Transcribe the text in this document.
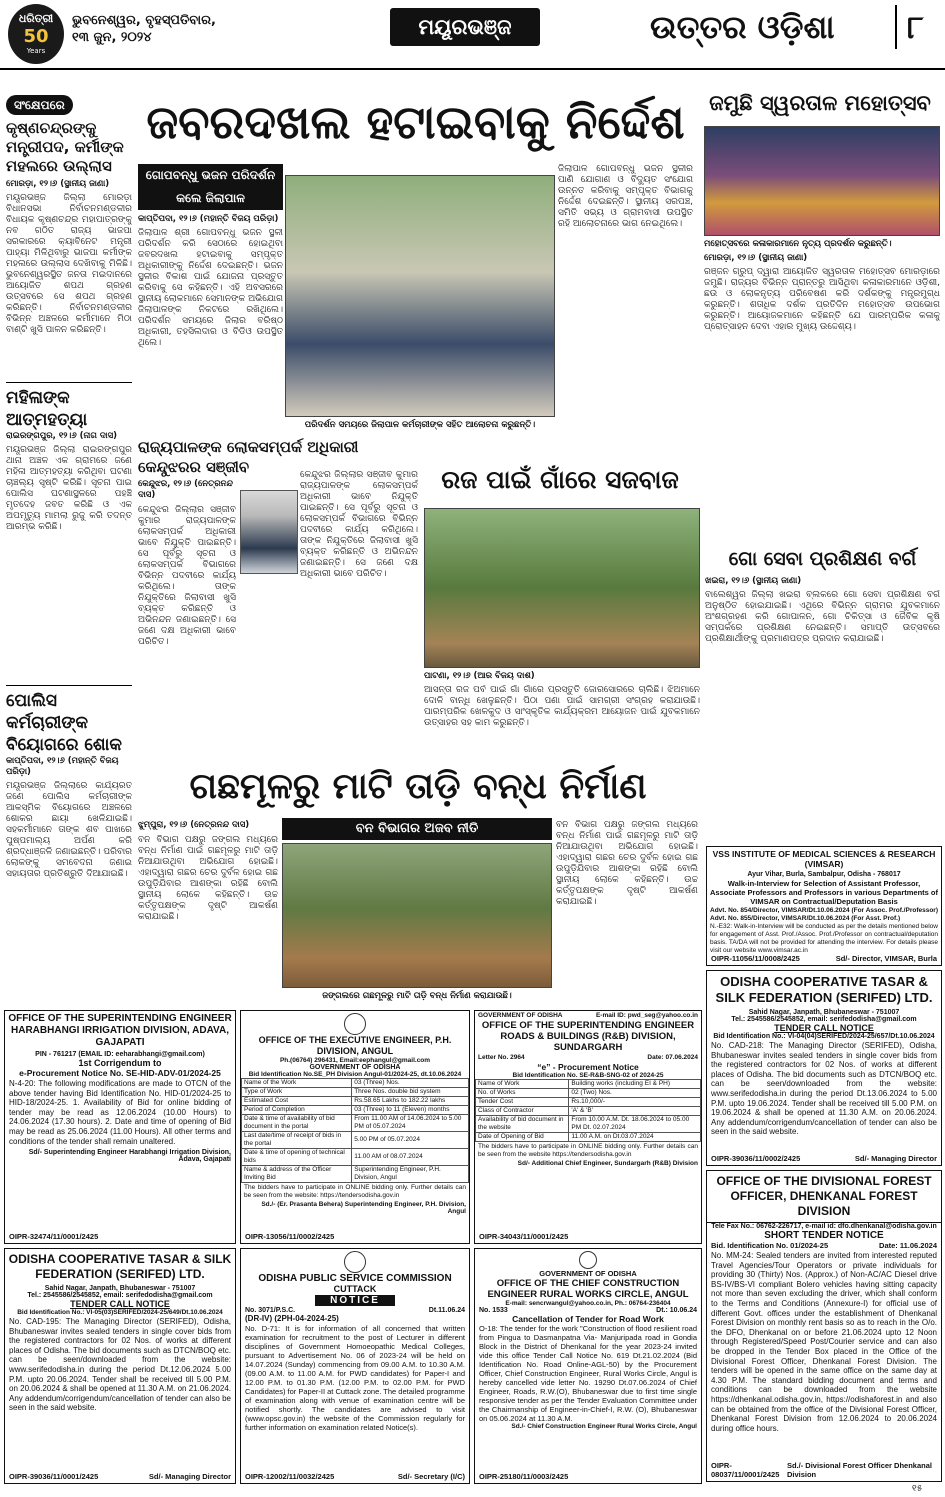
ଧରିତ୍ରୀ
50
Years
ଭୁବନେଶ୍ୱର, ବୃହସ୍ପତିବାର,
୧୩ ଜୁନ, ୨୦୨୪	ମୟୂରଭଞ୍ଜ	ଉତ୍ତର ଓଡ଼ିଶା	୮
ସଂକ୍ଷେପରେ
କୃଷ୍ଣଚନ୍ଦ୍ରଙ୍କୁ ମନ୍ତ୍ରୀପଦ, କର୍ମୀଙ୍କ ମହଲରେ ଉଲ୍ଲାସ
ମୋରଡ଼ା, ୧୨।୬ (ସ୍ଥାନୀୟ ଜାଣା)
ମୟୂରଭଞ୍ଜ ଜିଲ୍ଲା ମୋରଡ଼ା ବିଧାନସଭା ନିର୍ବାଚନମଣ୍ଡଳୀର ବିଧାୟକ କୃଷ୍ଣଚନ୍ଦ୍ର ମହାପାତ୍ରଙ୍କୁ ନବ ଗଠିତ ରାଜ୍ୟ ଭାଜପା ସରକାରରେ କ୍ୟାବିନେଟ ମନ୍ତ୍ରୀ ପାହ୍ୟା ମିଳିଥିବାରୁ ଭାଜପା କର୍ମୀଙ୍କ ମହଲରେ ଉଲ୍ଲାସ ଦେଖିବାକୁ ମିଳିଛି। ଭୁବନେଶ୍ୱରସ୍ଥିତ ଜନତା ମଇଦାନରେ ଆୟୋଜିତ ଶପଥ ଗ୍ରହଣ ଉତ୍ସବରେ ସେ ଶପଥ ଗ୍ରହଣ କରିଛନ୍ତି। ନିର୍ବାଚନମଣ୍ଡଳୀର ବିଭିନ୍ନ ଅଞ୍ଚଳରେ କର୍ମୀମାନେ ମିଠା ବାଣ୍ଟି ଖୁସି ପାଳନ କରିଛନ୍ତି।
ମହିଳାଙ୍କ ଆତ୍ମହତ୍ୟା
ରାଇରଙ୍ଗପୁର, ୧୨।୬ (ନାଗ ଦାସ)
ମୟୂରଭଞ୍ଜ ଜିଲ୍ଲା ରାଇରଙ୍ଗପୁର ଥାନା ଅଞ୍ଚଳ ଏକ ଗ୍ରାମରେ ଜଣେ ମହିଳା ଆତ୍ମହତ୍ୟା କରିଥିବା ଘଟଣା ଚାଞ୍ଚଲ୍ୟ ସୃଷ୍ଟି କରିଛି। ସୂଚନା ପାଇ ପୋଲିସ ଘଟଣାସ୍ଥଳରେ ପହଞ୍ଚି ମୃତଦେହ ଜବତ କରିଛି ଓ ଏକ ଅପମୃତ୍ୟୁ ମାମଲା ରୁଜୁ କରି ତଦନ୍ତ ଆରମ୍ଭ କରିଛି।
ପୋଲିସ କର୍ମଚାରୀଙ୍କ ବିୟୋଗରେ ଶୋକ
କାପ୍ତିପଦା, ୧୨।୬ (ମହାନ୍ତି ବିଜୟ ପରିଡ଼ା)
ମୟୂରଭଞ୍ଜ ଜିଲ୍ଲାରେ କାର୍ଯ୍ୟରତ ଜଣେ ପୋଲିସ କର୍ମଚାରୀଙ୍କ ଆକସ୍ମିକ ବିୟୋଗରେ ଅଞ୍ଚଳରେ ଶୋକର ଛାୟା ଖେଳିଯାଇଛି। ସହକର୍ମୀମାନେ ତାଙ୍କ ଶବ ପାଖରେ ପୁଷ୍ପମାଲ୍ୟ ଅର୍ପଣ କରି ଶ୍ରଦ୍ଧାଞ୍ଜଳି ଜଣାଇଛନ୍ତି। ପରିବାର ଲୋକଙ୍କୁ ସମବେଦନା ଜଣାଇ ସହାୟତାର ପ୍ରତିଶ୍ରୁତି ଦିଆଯାଇଛି।
ଜବରଦଖଲ ହଟାଇବାକୁ ନିର୍ଦ୍ଦେଶ
ଗୋପବନ୍ଧୁ ଭଜନ ପରିଦର୍ଶନ କଲେ ଜିଲାପାଳ
କାପ୍ତିପଦା, ୧୨।୬ (ମହାନ୍ତି ବିଜୟ ପରିଡ଼ା)
ଜିଲାପାଳ ଶ୍ରୀ ଗୋପବନ୍ଧୁ ଭଜନ ସ୍ଥଳୀ ପରିଦର୍ଶନ କରି ସେଠାରେ ହୋଇଥିବା ଜବରଦଖଲ ହଟାଇବାକୁ ସମ୍ପୃକ୍ତ ଅଧିକାରୀଙ୍କୁ ନିର୍ଦ୍ଦେଶ ଦେଇଛନ୍ତି। ଭଜନ ସ୍ଥଳୀର ବିକାଶ ପାଇଁ ଯୋଜନା ପ୍ରସ୍ତୁତ କରିବାକୁ ସେ କହିଛନ୍ତି। ଏହି ଅବସରରେ ସ୍ଥାନୀୟ ଲୋକମାନେ ସେମାନଙ୍କ ଅଭିଯୋଗ ଜିଲାପାଳଙ୍କ ନିକଟରେ ରଖିଥିଲେ। ପରିଦର୍ଶନ ସମୟରେ ଜିଲାର ବରିଷ୍ଠ ଅଧିକାରୀ, ତହସିଲଦାର ଓ ବିଡିଓ ଉପସ୍ଥିତ ଥିଲେ।
ପରିଦର୍ଶନ ସମୟରେ ଜିଲାପାଳ କର୍ମଚାରୀଙ୍କ ସହିତ ଆଲୋଚନା କରୁଛନ୍ତି।
ଜିଲାପାଳ ଗୋପବନ୍ଧୁ ଭଜନ ସ୍ଥଳୀର ପାଣି ଯୋଗାଣ ଓ ବିଦ୍ୟୁତ ସଂଯୋଗ ଉନ୍ନତ କରିବାକୁ ସମ୍ପୃକ୍ତ ବିଭାଗକୁ ନିର୍ଦ୍ଦେଶ ଦେଇଛନ୍ତି। ସ୍ଥାନୀୟ ସରପଞ୍ଚ, ସମିତି ସଭ୍ୟ ଓ ଗ୍ରାମବାସୀ ଉପସ୍ଥିତ ରହି ଆଲୋଚନାରେ ଭାଗ ନେଇଥିଲେ।
ଜମୁଛି ସ୍ୱରତାଳ ମହୋତ୍ସବ
ମହୋତ୍ସବରେ କଳାକାରମାନେ ନୃତ୍ୟ ପ୍ରଦର୍ଶନ କରୁଛନ୍ତି।
ମୋରଡ଼ା, ୧୨।୬ (ସ୍ଥାନୀୟ ଜାଣା)
ରଞ୍ଜନ ଗ୍ରୁପ୍ ଦ୍ୱାରା ଆୟୋଜିତ ସ୍ୱରତାଳ ମହୋତ୍ସବ ମୋରଡ଼ାରେ ଜମୁଛି। ରାଜ୍ୟର ବିଭିନ୍ନ ପ୍ରାନ୍ତରୁ ଆସିଥିବା କଳାକାରମାନେ ଓଡ଼ିଶୀ, ଛଉ ଓ ଲୋକନୃତ୍ୟ ପରିବେଷଣ କରି ଦର୍ଶକଙ୍କୁ ମନ୍ତ୍ରମୁଗ୍ଧ କରୁଛନ୍ତି। ଶତାଧିକ ଦର୍ଶକ ପ୍ରତିଦିନ ମହୋତ୍ସବ ଉପଭୋଗ କରୁଛନ୍ତି। ଆୟୋଜକମାନେ କହିଛନ୍ତି ଯେ ପାରମ୍ପରିକ କଳାକୁ ପ୍ରୋତ୍ସାହନ ଦେବା ଏହାର ମୁଖ୍ୟ ଉଦ୍ଦେଶ୍ୟ।
ରାଜ୍ୟପାଳଙ୍କ ଲୋକସମ୍ପର୍କ ଅଧିକାରୀ କେନ୍ଦୁଝରର ସଞ୍ଜୀବ
କେନ୍ଦୁଝର, ୧୨।୬ (ନେତ୍ରନନ୍ଦ ଦାସ)
କେନ୍ଦୁଝର ଜିଲ୍ଲାର ସଞ୍ଜୀବ କୁମାର ରାଜ୍ୟପାଳଙ୍କ ଲୋକସମ୍ପର୍କ ଅଧିକାରୀ ଭାବେ ନିଯୁକ୍ତି ପାଇଛନ୍ତି। ସେ ପୂର୍ବରୁ ସୂଚନା ଓ ଲୋକସମ୍ପର୍କ ବିଭାଗରେ ବିଭିନ୍ନ ପଦବୀରେ କାର୍ଯ୍ୟ କରିଥିଲେ। ତାଙ୍କ ନିଯୁକ୍ତିରେ ଜିଲାବାସୀ ଖୁସି ବ୍ୟକ୍ତ କରିଛନ୍ତି ଓ ଅଭିନନ୍ଦନ ଜଣାଇଛନ୍ତି। ସେ ଜଣେ ଦକ୍ଷ ଅଧିକାରୀ ଭାବେ ପରିଚିତ।
କେନ୍ଦୁଝର ଜିଲ୍ଲାର ସଞ୍ଜୀବ କୁମାର ରାଜ୍ୟପାଳଙ୍କ ଲୋକସମ୍ପର୍କ ଅଧିକାରୀ ଭାବେ ନିଯୁକ୍ତି ପାଇଛନ୍ତି। ସେ ପୂର୍ବରୁ ସୂଚନା ଓ ଲୋକସମ୍ପର୍କ ବିଭାଗରେ ବିଭିନ୍ନ ପଦବୀରେ କାର୍ଯ୍ୟ କରିଥିଲେ। ତାଙ୍କ ନିଯୁକ୍ତିରେ ଜିଲାବାସୀ ଖୁସି ବ୍ୟକ୍ତ କରିଛନ୍ତି ଓ ଅଭିନନ୍ଦନ ଜଣାଇଛନ୍ତି। ସେ ଜଣେ ଦକ୍ଷ ଅଧିକାରୀ ଭାବେ ପରିଚିତ।
ରଜ ପାଇଁ ଗାଁରେ ସଜବାଜ
ପାଟଣା, ୧୨।୬ (ଆର ବିଜୟ ଦାଶ)
ଆସନ୍ତା ରଜ ପର୍ବ ପାଇଁ ଗାଁ ଗାଁରେ ପ୍ରସ୍ତୁତି ଜୋରସୋରରେ ଚାଲିଛି। ଝିଅମାନେ ଦୋଳି ବାନ୍ଧି ଖେଳୁଛନ୍ତି। ପିଠା ପଣା ପାଇଁ ସାମଗ୍ରୀ ସଂଗ୍ରହ କରାଯାଉଛି। ପାରମ୍ପରିକ ଖେଳକୁଦ ଓ ସାଂସ୍କୃତିକ କାର୍ଯ୍ୟକ୍ରମ ଆୟୋଜନ ପାଇଁ ଯୁବକମାନେ ଉତ୍ସାହର ସହ କାମ କରୁଛନ୍ତି।
ଗୋ ସେବା ପ୍ରଶିକ୍ଷଣ ବର୍ଗ
ଖଇରା, ୧୨।୬ (ସ୍ଥାନୀୟ ଜାଣା)
ବାଲେଶ୍ୱର ଜିଲ୍ଲା ଖଇରା ବ୍ଲକରେ ଗୋ ସେବା ପ୍ରଶିକ୍ଷଣ ବର୍ଗ ଅନୁଷ୍ଠିତ ହୋଇଯାଇଛି। ଏଥିରେ ବିଭିନ୍ନ ଗ୍ରାମର ଯୁବକମାନେ ଅଂଶଗ୍ରହଣ କରି ଗୋପାଳନ, ଗୋ ଚିକିତ୍ସା ଓ ଜୈବିକ କୃଷି ସମ୍ପର୍କରେ ପ୍ରଶିକ୍ଷଣ ନେଇଛନ୍ତି। ସମାପ୍ତି ଉତ୍ସବରେ ପ୍ରଶିକ୍ଷାର୍ଥୀଙ୍କୁ ପ୍ରମାଣପତ୍ର ପ୍ରଦାନ କରାଯାଇଛି।
ଗଛମୂଳରୁ ମାଟି ତାଡ଼ି ବନ୍ଧ ନିର୍ମାଣ
ଝୁମ୍ପୁରା, ୧୨।୬ (ନେତ୍ରନନ୍ଦ ଦାସ)
ବନ ବିଭାଗ ପକ୍ଷରୁ ଜଙ୍ଗଲ ମଧ୍ୟରେ ବନ୍ଧ ନିର୍ମାଣ ପାଇଁ ଗଛମୂଳରୁ ମାଟି ତାଡ଼ି ନିଆଯାଉଥିବା ଅଭିଯୋଗ ହୋଇଛି। ଏହାଦ୍ୱାରା ଗଛର ଚେର ଦୁର୍ବଳ ହୋଇ ଗଛ ଉପୁଡ଼ିଯିବାର ଆଶଙ୍କା ରହିଛି ବୋଲି ସ୍ଥାନୀୟ ଲୋକେ କହିଛନ୍ତି। ଉଚ୍ଚ କର୍ତ୍ତୃପକ୍ଷଙ୍କ ଦୃଷ୍ଟି ଆକର୍ଷଣ କରାଯାଇଛି।
ବନ ବିଭାଗର ଅଜବ ନୀତି
ଜଙ୍ଗଲରେ ଗଛମୂଳରୁ ମାଟି ତାଡ଼ି ବନ୍ଧ ନିର୍ମାଣ କରାଯାଉଛି।
ବନ ବିଭାଗ ପକ୍ଷରୁ ଜଙ୍ଗଲ ମଧ୍ୟରେ ବନ୍ଧ ନିର୍ମାଣ ପାଇଁ ଗଛମୂଳରୁ ମାଟି ତାଡ଼ି ନିଆଯାଉଥିବା ଅଭିଯୋଗ ହୋଇଛି। ଏହାଦ୍ୱାରା ଗଛର ଚେର ଦୁର୍ବଳ ହୋଇ ଗଛ ଉପୁଡ଼ିଯିବାର ଆଶଙ୍କା ରହିଛି ବୋଲି ସ୍ଥାନୀୟ ଲୋକେ କହିଛନ୍ତି। ଉଚ୍ଚ କର୍ତ୍ତୃପକ୍ଷଙ୍କ ଦୃଷ୍ଟି ଆକର୍ଷଣ କରାଯାଇଛି।
VSS INSTITUTE OF MEDICAL SCIENCES & RESEARCH (VIMSAR)
Ayur Vihar, Burla, Sambalpur, Odisha - 768017
Walk-in-Interview for Selection of Assistant Professor, Associate Professors and Professors in various Departments of VIMSAR on Contractual/Deputation Basis
Advt. No. 854/Director, VIMSAR/Dt.10.06.2024 (For Assoc. Prof./Professor) Advt. No. 855/Director, VIMSAR/Dt.10.06.2024 (For Asst. Prof.)
N.-E32: Walk-in-Interview will be conducted as per the details mentioned below for engagement of Asst. Prof./Assoc. Prof./Professor on contractual/deputation basis. TA/DA will not be provided for attending the interview. For details please visit our website www.vimsar.ac.in
OIPR-11056/11/0008/2425	Sd/- Director, VIMSAR, Burla
ODISHA COOPERATIVE TASAR & SILK FEDERATION (SERIFED) LTD.
Sahid Nagar, Janpath, Bhubaneswar - 751007
Tel.: 2545586/2545852, email: serifedodisha@gmail.com
TENDER CALL NOTICE
Bid Identification No.: VI-04(04)SERIFED/2024-25/657/Dt.10.06.2024
No. CAD-218: The Managing Director (SERIFED), Odisha, Bhubaneswar invites sealed tenders in single cover bids from the registered contractors for 02 Nos. of works at different places of Odisha. The bid documents such as DTCN/BOQ etc. can be seen/downloaded from the website: www.serifedodisha.in during the period Dt.13.06.2024 to 5.00 P.M. upto 19.06.2024. Tender shall be received till 5.00 P.M. on 19.06.2024 & shall be opened at 11.30 A.M. on 20.06.2024. Any addendum/corrigendum/cancellation of tender can also be seen in the said website.
OIPR-39036/11/0002/2425	Sd/- Managing Director
OFFICE OF THE DIVISIONAL FOREST OFFICER, DHENKANAL FOREST DIVISION
Tele Fax No.: 06762-226717, e-mail id: dfo.dhenkanal@odisha.gov.in
SHORT TENDER NOTICE
Bid. Identification No. 01/2024-25	Date: 11.06.2024
No. MM-24: Sealed tenders are invited from interested reputed Travel Agencies/Tour Operators or private individuals for providing 30 (Thirty) Nos. (Approx.) of Non-AC/AC Diesel drive BS-IV/BS-VI compliant Bolero vehicles having sitting capacity not more than seven excluding the driver, which shall conform to the Terms and Conditions (Annexure-I) for official use of different Govt. offices under the establishment of Dhenkanal Forest Division on monthly rent basis so as to reach in the O/o. the DFO, Dhenkanal on or before 21.06.2024 upto 12 Noon through Registered/Speed Post/Courier service and can also be dropped in the Tender Box placed in the Office of the Divisional Forest Officer, Dhenkanal Forest Division. The tenders will be opened in the same office on the same day at 4.30 P.M. The standard bidding document and terms and conditions can be downloaded from the website https://dhenkanal.odisha.gov.in, https://odishaforest.in and also can be obtained from the office of the Divisional Forest Officer, Dhenkanal Forest Division from 12.06.2024 to 20.06.2024 during office hours.
OIPR-08037/11/0001/2425
Sd./- Divisional Forest Officer Dhenkanal Division
OFFICE OF THE SUPERINTENDING ENGINEER HARABHANGI IRRIGATION DIVISION, ADAVA, GAJAPATI
PIN - 761217 (EMAIL ID: eeharabhangi@gmail.com)
1st Corrigendum to
e-Procurement Notice No. SE-HID-ADV-01/2024-25
N-4-20: The following modifications are made to OTCN of the above tender having Bid Identification No. HID-01/2024-25 to HID-18/2024-25. 1. Availability of Bid for online bidding of tender may be read as 12.06.2024 (10.00 Hours) to 24.06.2024 (17.30 hours). 2. Date and time of opening of Bid may be read as 25.06.2024 (11.00 Hours). All other terms and conditions of the tender shall remain unaltered.
Sd/- Superintending Engineer Harabhangi Irrigation Division, Adava, Gajapati
OIPR-32474/11/0001/2425
OFFICE OF THE EXECUTIVE ENGINEER, P.H. DIVISION, ANGUL
Ph.(06764) 296431, Email:eephangul@gmail.com
GOVERNMENT OF ODISHA
Bid Identification No.SE_PH Division Angul-01/2024-25, dt.10.06.2024
Name of the Work	03 (Three) Nos.
Type of Work	Three Nos. double bid system
Estimated Cost	Rs.58.65 Lakhs to 182.22 lakhs
Period of Completion	03 (Three) to 11 (Eleven) months
Date & time of availability of bid document in the portal	From 11.00 AM of 14.06.2024 to 5.00 PM of 05.07.2024
Last date/time of receipt of bids in the portal	5.00 PM of 05.07.2024
Date & time of opening of technical bids	11.00 AM of 08.07.2024
Name & address of the Officer Inviting Bid	Superintending Engineer, P.H. Division, Angul
The bidders have to participate in ONLINE bidding only. Further details can be seen from the website: https://tendersodisha.gov.in
Sd./- (Er. Prasanta Behera) Superintending Engineer, P.H. Division, Angul
OIPR-13056/11/0002/2425
GOVERNMENT OF ODISHA	E-mail ID: pwd_seg@yahoo.co.in
OFFICE OF THE SUPERINTENDING ENGINEER ROADS & BUILDINGS (R&B) DIVISION, SUNDARGARH
Letter No. 2964	Date: 07.06.2024
“e” - Procurement Notice
Bid Identification No. SE-R&B-SNG-02 of 2024-25
Name of Work	Building works (including EI & PH)
No. of Works	02 (Two) Nos.
Tender Cost	Rs.10,000/-
Class of Contractor	'A' & 'B'
Availability of bid document in the website	From 10.00 A.M. Dt. 18.06.2024 to 05.00 PM Dt. 02.07.2024
Date of Opening of Bid	11.00 A.M. on Dt.03.07.2024
The bidders have to participate in ONLINE bidding only. Further details can be seen from the website https://tendersodisha.gov.in
Sd/- Additional Chief Engineer, Sundargarh (R&B) Division
OIPR-34043/11/0001/2425
ODISHA COOPERATIVE TASAR & SILK FEDERATION (SERIFED) LTD.
Sahid Nagar, Janpath, Bhubaneswar - 751007
Tel.: 2545586/2545852, email: serifedodisha@gmail.com
TENDER CALL NOTICE
Bid Identification No.: VI-05(03)SERIFED/2024-25/649/Dt.10.06.2024
No. CAD-195: The Managing Director (SERIFED), Odisha, Bhubaneswar invites sealed tenders in single cover bids from the registered contractors for 02 Nos. of works at different places of Odisha. The bid documents such as DTCN/BOQ etc. can be seen/downloaded from the website: www.serifedodisha.in during the period Dt.12.06.2024 5.00 P.M. upto 20.06.2024. Tender shall be received till 5.00 P.M. on 20.06.2024 & shall be opened at 11.30 A.M. on 21.06.2024. Any addendum/corrigendum/cancellation of tender can also be seen in the said website.
OIPR-39036/11/0001/2425	Sd/- Managing Director
ODISHA PUBLIC SERVICE COMMISSION
CUTTACK
NOTICE
No. 3071/P.S.C.	Dt.11.06.24
(DR-IV) (2PH-04-2024-25)
No. D-71: It is for information of all concerned that written examination for recruitment to the post of Lecturer in different disciplines of Government Homoeopathic Medical Colleges, pursuant to Advertisement No. 06 of 2023-24 will be held on 14.07.2024 (Sunday) commencing from 09.00 A.M. to 10.30 A.M. (09.00 A.M. to 11.00 A.M. for PWD candidates) for Paper-I and 12.00 P.M. to 01.30 P.M. (12.00 P.M. to 02.00 P.M. for PWD Candidates) for Paper-II at Cuttack zone. The detailed programme of examination along with venue of examination centre will be notified shortly. The candidates are advised to visit (www.opsc.gov.in) the website of the Commission regularly for further information on examination related Notice(s).
OIPR-12002/11/0032/2425	Sd/- Secretary (I/C)
GOVERNMENT OF ODISHA
OFFICE OF THE CHIEF CONSTRUCTION ENGINEER RURAL WORKS CIRCLE, ANGUL
E-mail: sencrwangul@yahoo.co.in, Ph.: 06764-236404
No. 1533	Dt.: 10.06.24
Cancellation of Tender for Road Work
O-18: The tender for the work "Construction of flood resilient road from Pingua to Dasmanpatna Via- Manjuripada road in Gondia Block in the District of Dhenkanal for the year 2023-24 invited vide this office Tender Call Notice No. 619 Dt.21.02.2024 (Bid Identification No. Road Online-AGL-50) by the Procurement Officer, Chief Construction Engineer, Rural Works Circle, Angul is hereby cancelled vide letter No. 19290 Dt.07.06.2024 of Chief Engineer, Roads, R.W.(O), Bhubaneswar due to first time single responsive tender as per the Tender Evaluation Committee under the Chairmanship of Engineer-in-Chief-I, R.W. (O), Bhubaneswar on 05.06.2024 at 11.30 A.M.
Sd./- Chief Construction Engineer Rural Works Circle, Angul
OIPR-25180/11/0003/2425
୧୫
